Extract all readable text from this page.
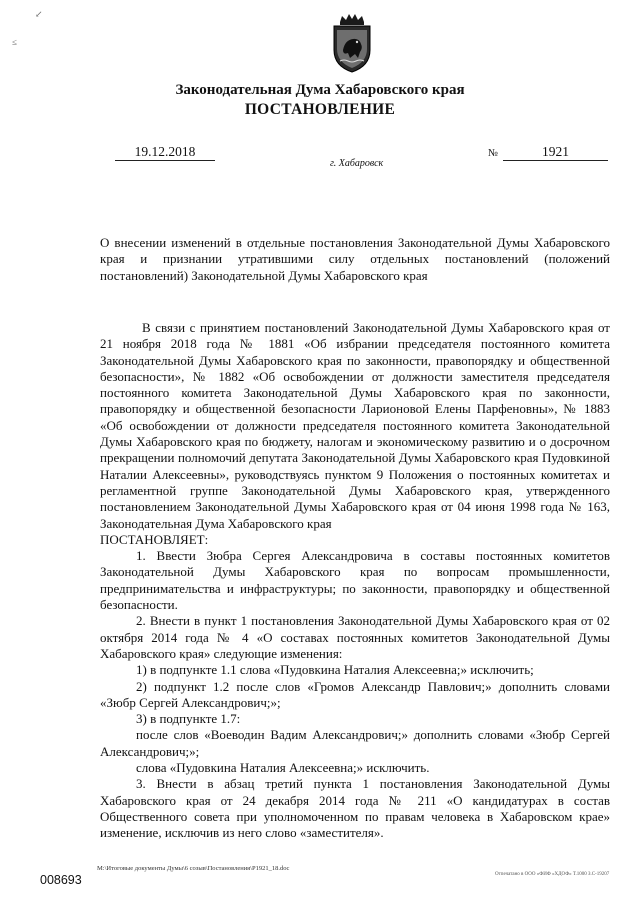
↙
≤
Законодательная Дума Хабаровского края
ПОСТАНОВЛЕНИЕ
19.12.2018
г. Хабаровск
№	1921
О внесении изменений в отдельные постановления Законодательной Думы Хабаровского края и признании утратившими силу отдельных постановлений (положений постановлений) Законодательной Думы Хабаровского края

В связи с принятием постановлений Законодательной Думы Хабаровского края от 21 ноября 2018 года № 1881 «Об избрании председателя постоянного комитета Законодательной Думы Хабаровского края по законности, правопорядку и общественной безопасности», № 1882 «Об освобождении от должности заместителя председателя постоянного комитета Законодательной Думы Хабаровского края по законности, правопорядку и общественной безопасности Ларионовой Елены Парфеновны», № 1883 «Об освобождении от должности председателя постоянного комитета Законодательной Думы Хабаровского края по бюджету, налогам и экономическому развитию и о досрочном прекращении полномочий депутата Законодательной Думы Хабаровского края Пудовкиной Наталии Алексеевны», руководствуясь пунктом 9 Положения о постоянных комитетах и регламентной группе Законодательной Думы Хабаровского края, утвержденного постановлением Законодательной Думы Хабаровского края от 04 июня 1998 года № 163, Законодательная Дума Хабаровского края

ПОСТАНОВЛЯЕТ:

1. Ввести Зюбра Сергея Александровича в составы постоянных комитетов Законодательной Думы Хабаровского края по вопросам промышленности, предпринимательства и инфраструктуры; по законности, правопорядку и общественной безопасности.

2. Внести в пункт 1 постановления Законодательной Думы Хабаровского края от 02 октября 2014 года № 4 «О составах постоянных комитетов Законодательной Думы Хабаровского края» следующие изменения:

1) в подпункте 1.1 слова «Пудовкина Наталия Алексеевна;» исключить;

2) подпункт 1.2 после слов «Громов Александр Павлович;» дополнить словами «Зюбр Сергей Александрович;»;

3) в подпункте 1.7:

после слов «Воеводин Вадим Александрович;» дополнить словами «Зюбр Сергей Александрович;»;

слова «Пудовкина Наталия Алексеевна;» исключить.

3. Внести в абзац третий пункта 1 постановления Законодательной Думы Хабаровского края от 24 декабря 2014 года № 211 «О кандидатурах в состав Общественного совета при уполномоченном по правам человека в Хабаровском крае» изменение, исключив из него слово «заместителя».

M:\Итоговые документы Думы\6 созыв\Постановления\P1921_18.doc
Отпечатано в ООО «ФИФ «ХДОФ» Т.1000 З.С-19207
008693
